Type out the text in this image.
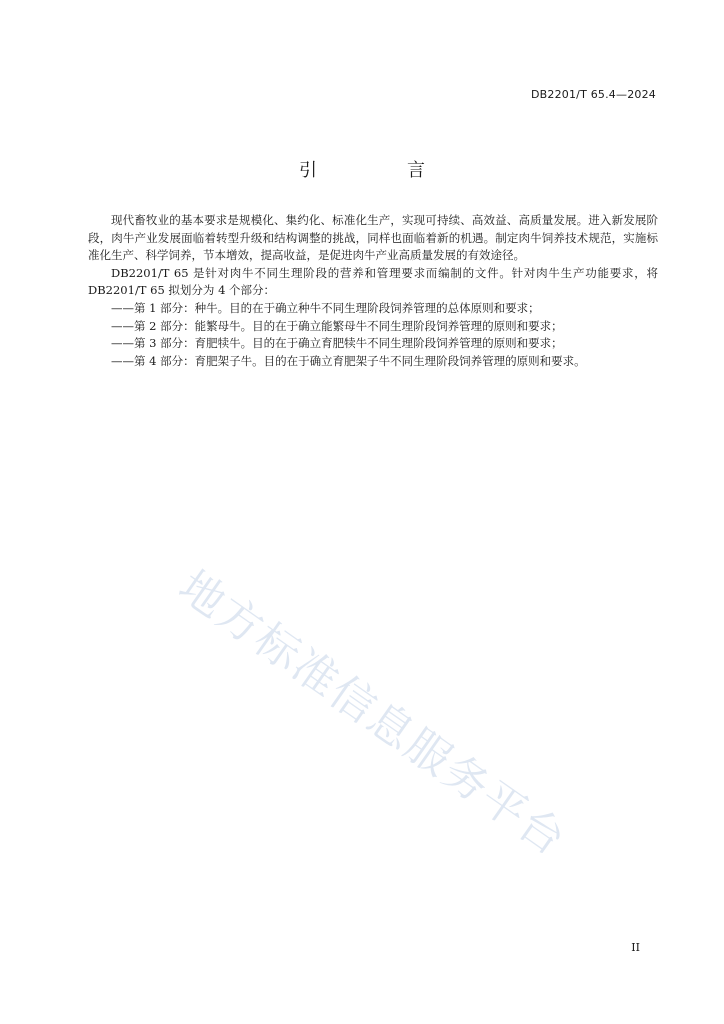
DB2201/T 65.4—2024
引　言

现代畜牧业的基本要求是规模化、集约化、标准化生产，实现可持续、高效益、高质量发展。进入新发展阶段，肉牛产业发展面临着转型升级和结构调整的挑战，同样也面临着新的机遇。制定肉牛饲养技术规范，实施标准化生产、科学饲养，节本增效，提高收益，是促进肉牛产业高质量发展的有效途径。

DB2201/T 65 是针对肉牛不同生理阶段的营养和管理要求而编制的文件。针对肉牛生产功能要求，将 DB2201/T 65 拟划分为 4 个部分：

——第 1 部分：种牛。目的在于确立种牛不同生理阶段饲养管理的总体原则和要求；

——第 2 部分：能繁母牛。目的在于确立能繁母牛不同生理阶段饲养管理的原则和要求；

——第 3 部分：育肥犊牛。目的在于确立育肥犊牛不同生理阶段饲养管理的原则和要求；

——第 4 部分：育肥架子牛。目的在于确立育肥架子牛不同生理阶段饲养管理的原则和要求。

地方标准信息服务平台
II
